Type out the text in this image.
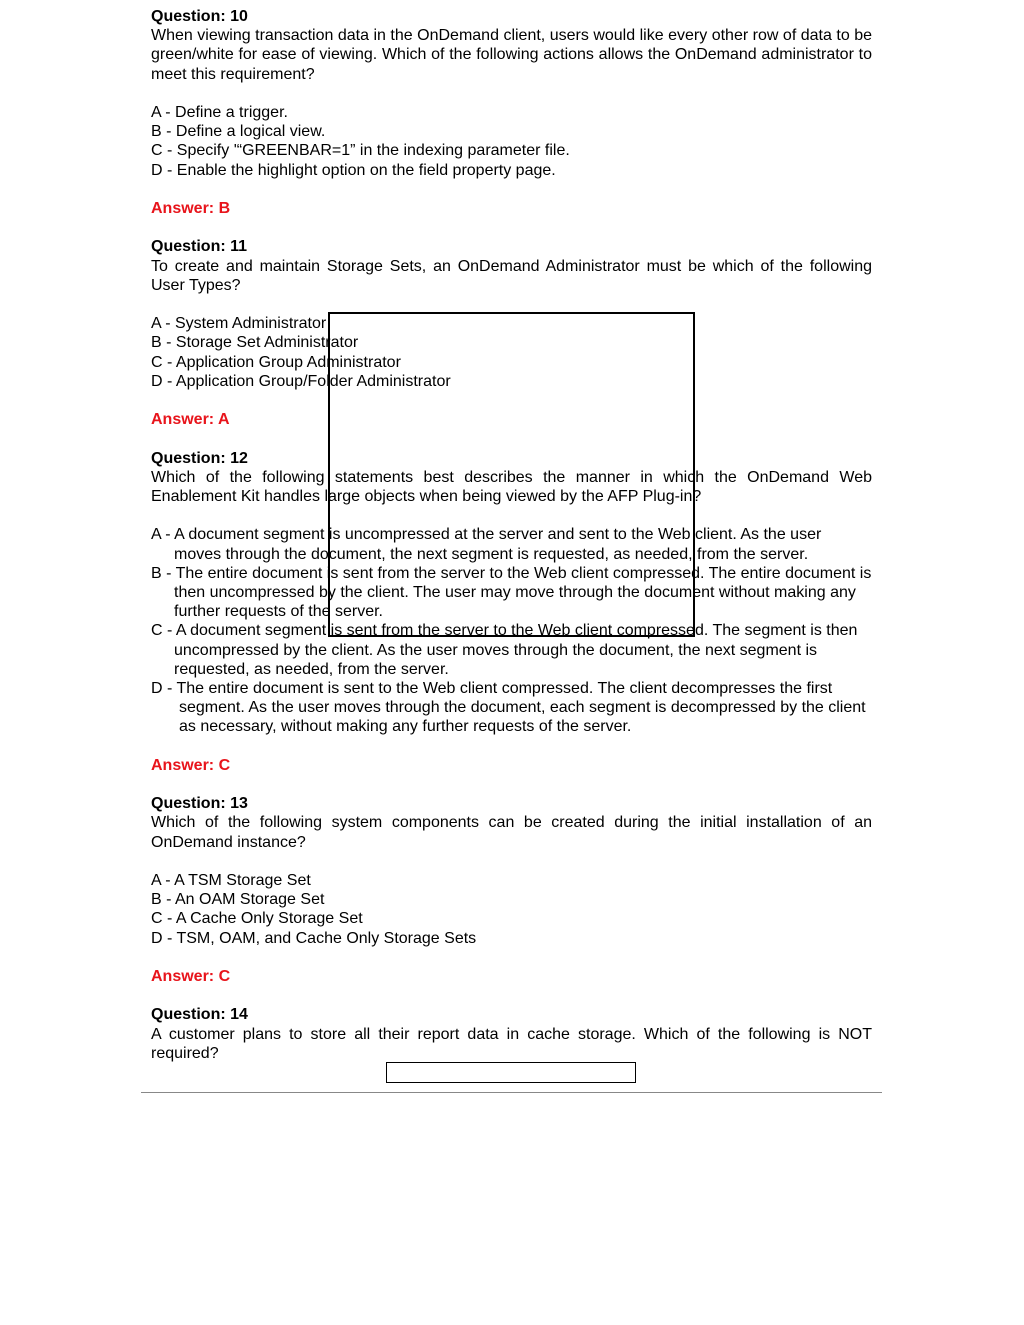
Question: 10
When viewing transaction data in the OnDemand client, users would like every other row of data to be green/white for ease of viewing. Which of the following actions allows the OnDemand administrator to meet this requirement?
A - Define a trigger.
B - Define a logical view.
C - Specify '“GREENBAR=1” in the indexing parameter file.
D - Enable the highlight option on the field property page.
Answer: B
Question: 11
To create and maintain Storage Sets, an OnDemand Administrator must be which of the following User Types?
A - System Administrator
B - Storage Set Administrator
C - Application Group Administrator
D - Application Group/Folder Administrator
Answer: A
Question: 12
Which of the following statements best describes the manner in which the OnDemand Web Enablement Kit handles large objects when being viewed by the AFP Plug-in?
A - A document segment is uncompressed at the server and sent to the Web client. As the user moves through the document, the next segment is requested, as needed, from the server.
B - The entire document is sent from the server to the Web client compressed. The entire document is then uncompressed by the client. The user may move through the document without making any further requests of the server.
C - A document segment is sent from the server to the Web client compressed. The segment is then uncompressed by the client. As the user moves through the document, the next segment is requested, as needed, from the server.
D - The entire document is sent to the Web client compressed. The client decompresses the first segment. As the user moves through the document, each segment is decompressed by the client as necessary, without making any further requests of the server.
Answer: C
Question: 13
Which of the following system components can be created during the initial installation of an OnDemand instance?
A - A TSM Storage Set
B - An OAM Storage Set
C - A Cache Only Storage Set
D - TSM, OAM, and Cache Only Storage Sets
Answer: C
Question: 14
A customer plans to store all their report data in cache storage. Which of the following is NOT required?
